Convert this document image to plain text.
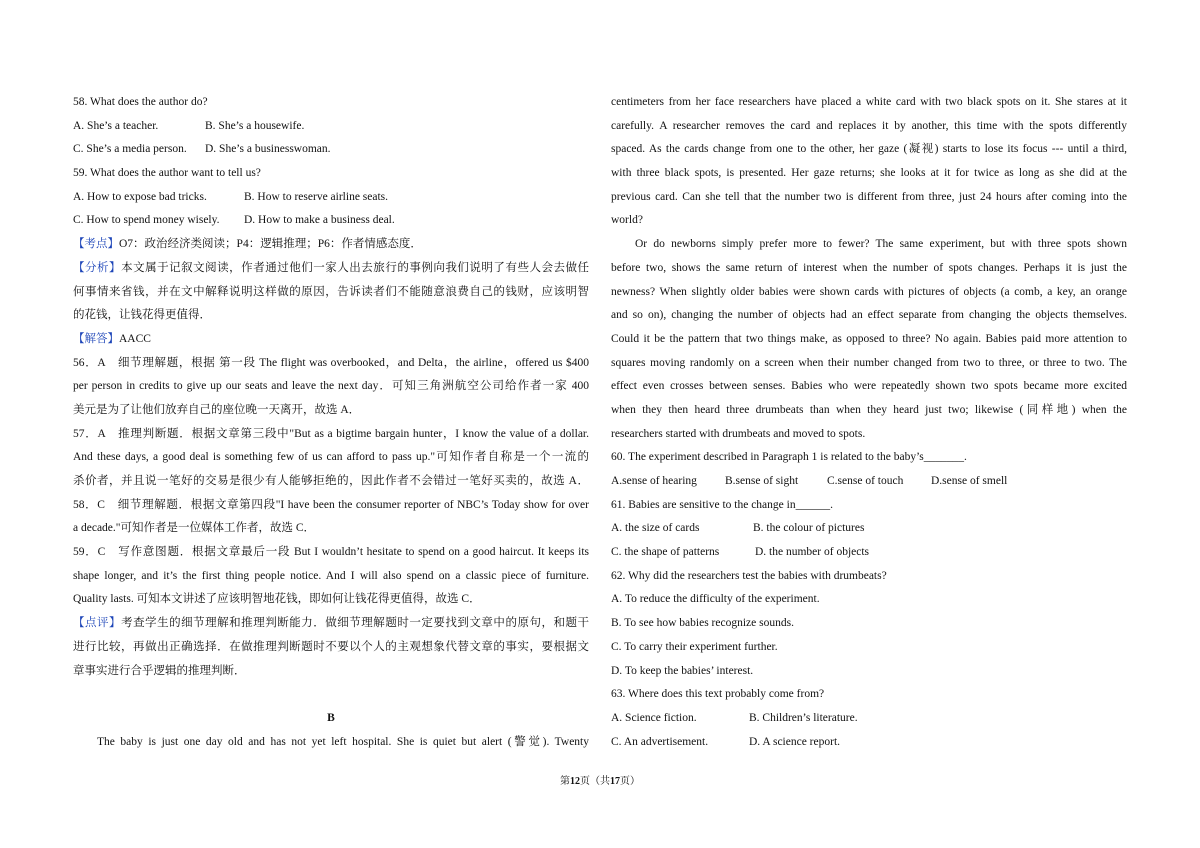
58. What does the author do?
A. She’s a teacher.	B. She’s a housewife.
C. She’s a media person. D. She’s a businesswoman.
59. What does the author want to tell us?
A. How to expose bad tricks.	B. How to reserve airline seats.
C. How to spend money wisely. D. How to make a business deal.
【考点】O7：政治经济类阅读；P4：逻辑推理；P6：作者情感态度．
【分析】本文属于记叙文阅读，作者通过他们一家人出去旅行的事例向我们说明了有些人会去做任
何事情来省钱，并在文中解释说明这样做的原因，告诉读者们不能随意浪费自己的钱财，应该明智
的花钱，让钱花得更值得．
【解答】AACC
56．A　细节理解题，根据 第一段 The flight was overbooked，and Delta，the airline，offered us $400
per person in credits to give up our seats and leave the next day．可知三角洲航空公司给作者一家 400
美元是为了让他们放弃自己的座位晚一天离开，故选 A．
57．A　推理判断题．根据文章第三段中"But as a bigtime bargain hunter，I know the value of a dollar.
And these days, a good deal is something few of us can afford to pass up."可知作者自称是一个一流的
杀价者，并且说一笔好的交易是很少有人能够拒绝的，因此作者不会错过一笔好买卖的，故选 A．
58．C　细节理解题．根据文章第四段"I have been the consumer reporter of NBC’s Today show for over
a decade."可知作者是一位媒体工作者，故选 C．
59．C　写作意图题．根据文章最后一段 But I wouldn’t hesitate to spend on a good haircut. It keeps its
shape longer, and it’s the first thing people notice. And I will also spend on a classic piece of furniture.
Quality lasts. 可知本文讲述了应该明智地花钱，即如何让钱花得更值得，故选 C．
【点评】考查学生的细节理解和推理判断能力．做细节理解题时一定要找到文章中的原句，和题干
进行比较，再做出正确选择．在做推理判断题时不要以个人的主观想象代替文章的事实，要根据文
章事实进行合乎逻辑的推理判断．
B
The baby is just one day old and has not yet left hospital. She is quiet but alert (警觉). Twenty
centimeters from her face researchers have placed a white card with two black spots on it. She stares at it
carefully. A researcher removes the card and replaces it by another, this time with the spots differently
spaced. As the cards change from one to the other, her gaze (凝视) starts to lose its focus --- until a third,
with three black spots, is presented. Her gaze returns; she looks at it for twice as long as she did at the
previous card. Can she tell that the number two is different from three, just 24 hours after coming into the
world?
Or do newborns simply prefer more to fewer? The same experiment, but with three spots shown
before two, shows the same return of interest when the number of spots changes. Perhaps it is just the
newness? When slightly older babies were shown cards with pictures of objects (a comb, a key, an orange
and so on), changing the number of objects had an effect separate from changing the objects themselves.
Could it be the pattern that two things make, as opposed to three? No again. Babies paid more attention to
squares moving randomly on a screen when their number changed from two to three, or three to two. The
effect even crosses between senses. Babies who were repeatedly shown two spots became more excited
when they then heard three drumbeats than when they heard just two; likewise (同样地) when the
researchers started with drumbeats and moved to spots.
60. The experiment described in Paragraph 1 is related to the baby’s_______.
A.sense of hearing B.sense of sight	C.sense of touch D.sense of smell
61. Babies are sensitive to the change in______.
A. the size of cards	B. the colour of pictures
C. the shape of patterns	D. the number of objects
62. Why did the researchers test the babies with drumbeats?
A. To reduce the difficulty of the experiment.
B. To see how babies recognize sounds.
C. To carry their experiment further.
D. To keep the babies’ interest.
63. Where does this text probably come from?
A. Science fiction.	B. Children’s literature.
C. An advertisement.	D. A science report.
第12页（共17页）
